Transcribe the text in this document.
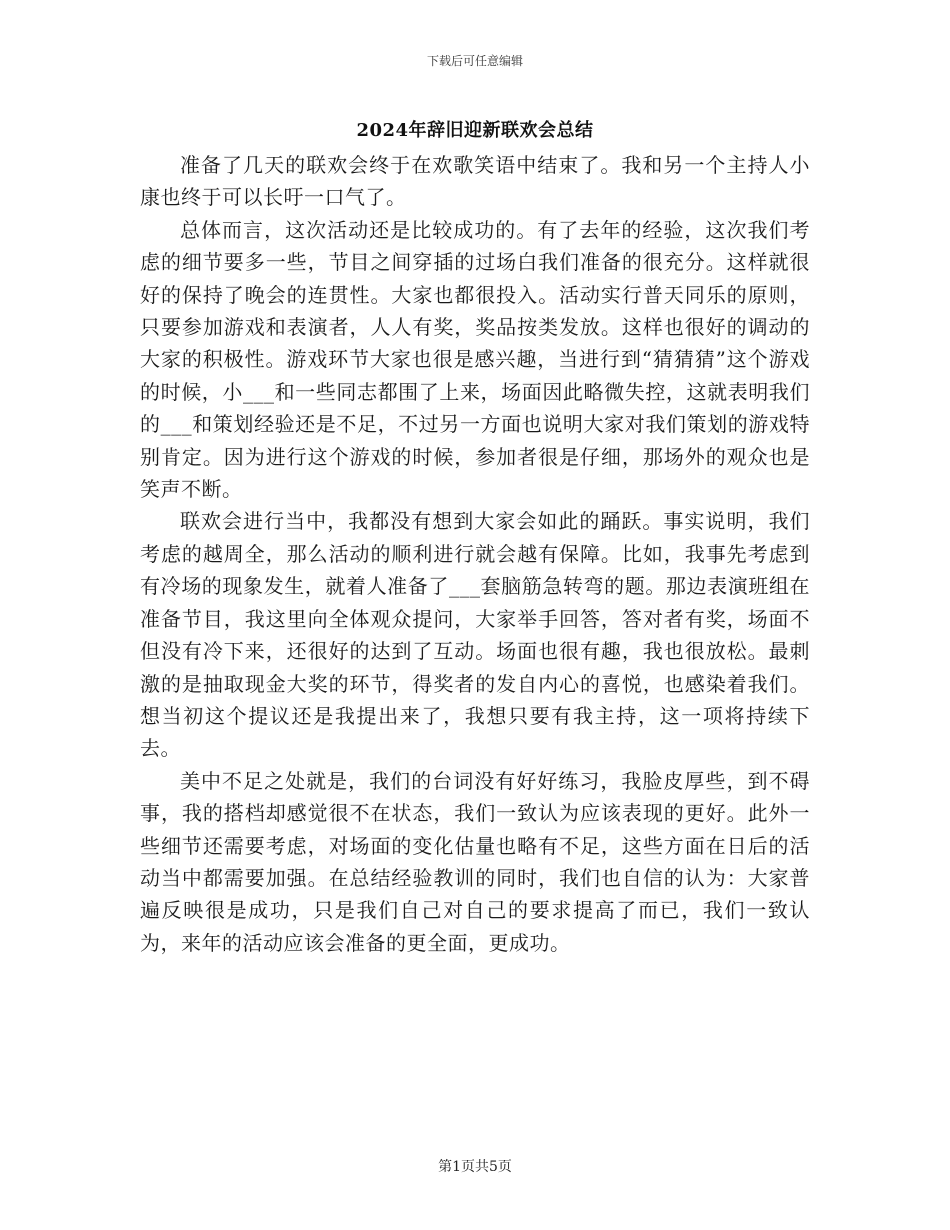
下载后可任意编辑
2024年辞旧迎新联欢会总结

准备了几天的联欢会终于在欢歌笑语中结束了。我和另一个主持人小康也终于可以长吁一口气了。

总体而言，这次活动还是比较成功的。有了去年的经验，这次我们考虑的细节要多一些，节目之间穿插的过场白我们准备的很充分。这样就很好的保持了晚会的连贯性。大家也都很投入。活动实行普天同乐的原则，只要参加游戏和表演者，人人有奖，奖品按类发放。这样也很好的调动的大家的积极性。游戏环节大家也很是感兴趣，当进行到“猜猜猜”这个游戏的时候，小___和一些同志都围了上来，场面因此略微失控，这就表明我们的___和策划经验还是不足，不过另一方面也说明大家对我们策划的游戏特别肯定。因为进行这个游戏的时候，参加者很是仔细，那场外的观众也是笑声不断。

联欢会进行当中，我都没有想到大家会如此的踊跃。事实说明，我们考虑的越周全，那么活动的顺利进行就会越有保障。比如，我事先考虑到有冷场的现象发生，就着人准备了___套脑筋急转弯的题。那边表演班组在准备节目，我这里向全体观众提问，大家举手回答，答对者有奖，场面不但没有冷下来，还很好的达到了互动。场面也很有趣，我也很放松。最刺激的是抽取现金大奖的环节，得奖者的发自内心的喜悦，也感染着我们。想当初这个提议还是我提出来了，我想只要有我主持，这一项将持续下去。

美中不足之处就是，我们的台词没有好好练习，我脸皮厚些，到不碍事，我的搭档却感觉很不在状态，我们一致认为应该表现的更好。此外一些细节还需要考虑，对场面的变化估量也略有不足，这些方面在日后的活动当中都需要加强。在总结经验教训的同时，我们也自信的认为：大家普遍反映很是成功，只是我们自己对自己的要求提高了而已，我们一致认为，来年的活动应该会准备的更全面，更成功。

第1页共5页
